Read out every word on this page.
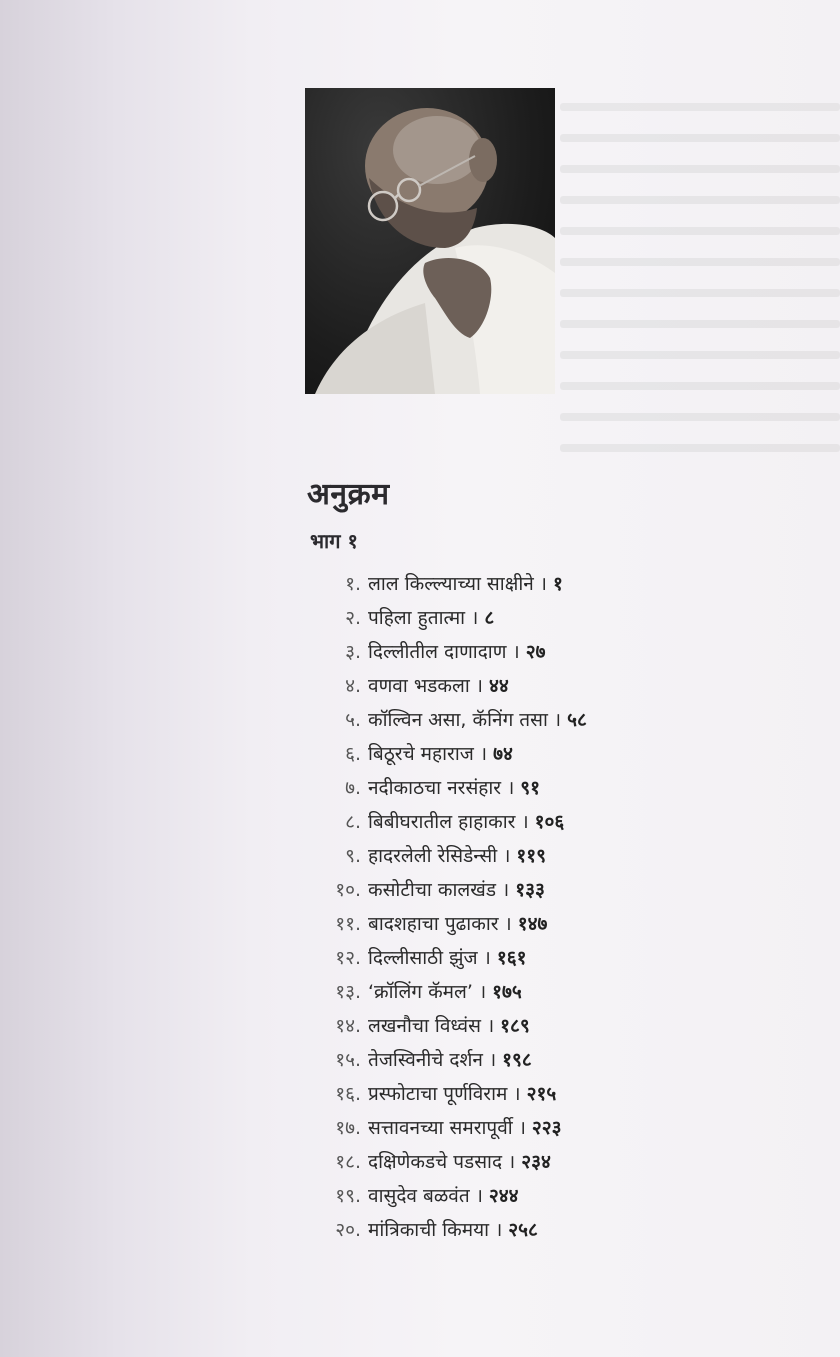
अनुक्रम
भाग १
१. लाल किल्ल्याच्या साक्षीने । १
२. पहिला हुतात्मा । ८
३. दिल्लीतील दाणादाण । २७
४. वणवा भडकला । ४४
५. कॉल्विन असा, कॅनिंग तसा । ५८
६. बिठूरचे महाराज । ७४
७. नदीकाठचा नरसंहार । ९१
८. बिबीघरातील हाहाकार । १०६
९. हादरलेली रेसिडेन्सी । ११९
१०. कसोटीचा कालखंड । १३३
११. बादशहाचा पुढाकार । १४७
१२. दिल्लीसाठी झुंज । १६१
१३. ‘क्रॉलिंग कॅमल’ । १७५
१४. लखनौचा विध्वंस । १८९
१५. तेजस्विनीचे दर्शन । १९८
१६. प्रस्फोटाचा पूर्णविराम । २१५
१७. सत्तावनच्या समरापूर्वी । २२३
१८. दक्षिणेकडचे पडसाद । २३४
१९. वासुदेव बळवंत । २४४
२०. मांत्रिकाची किमया । २५८
